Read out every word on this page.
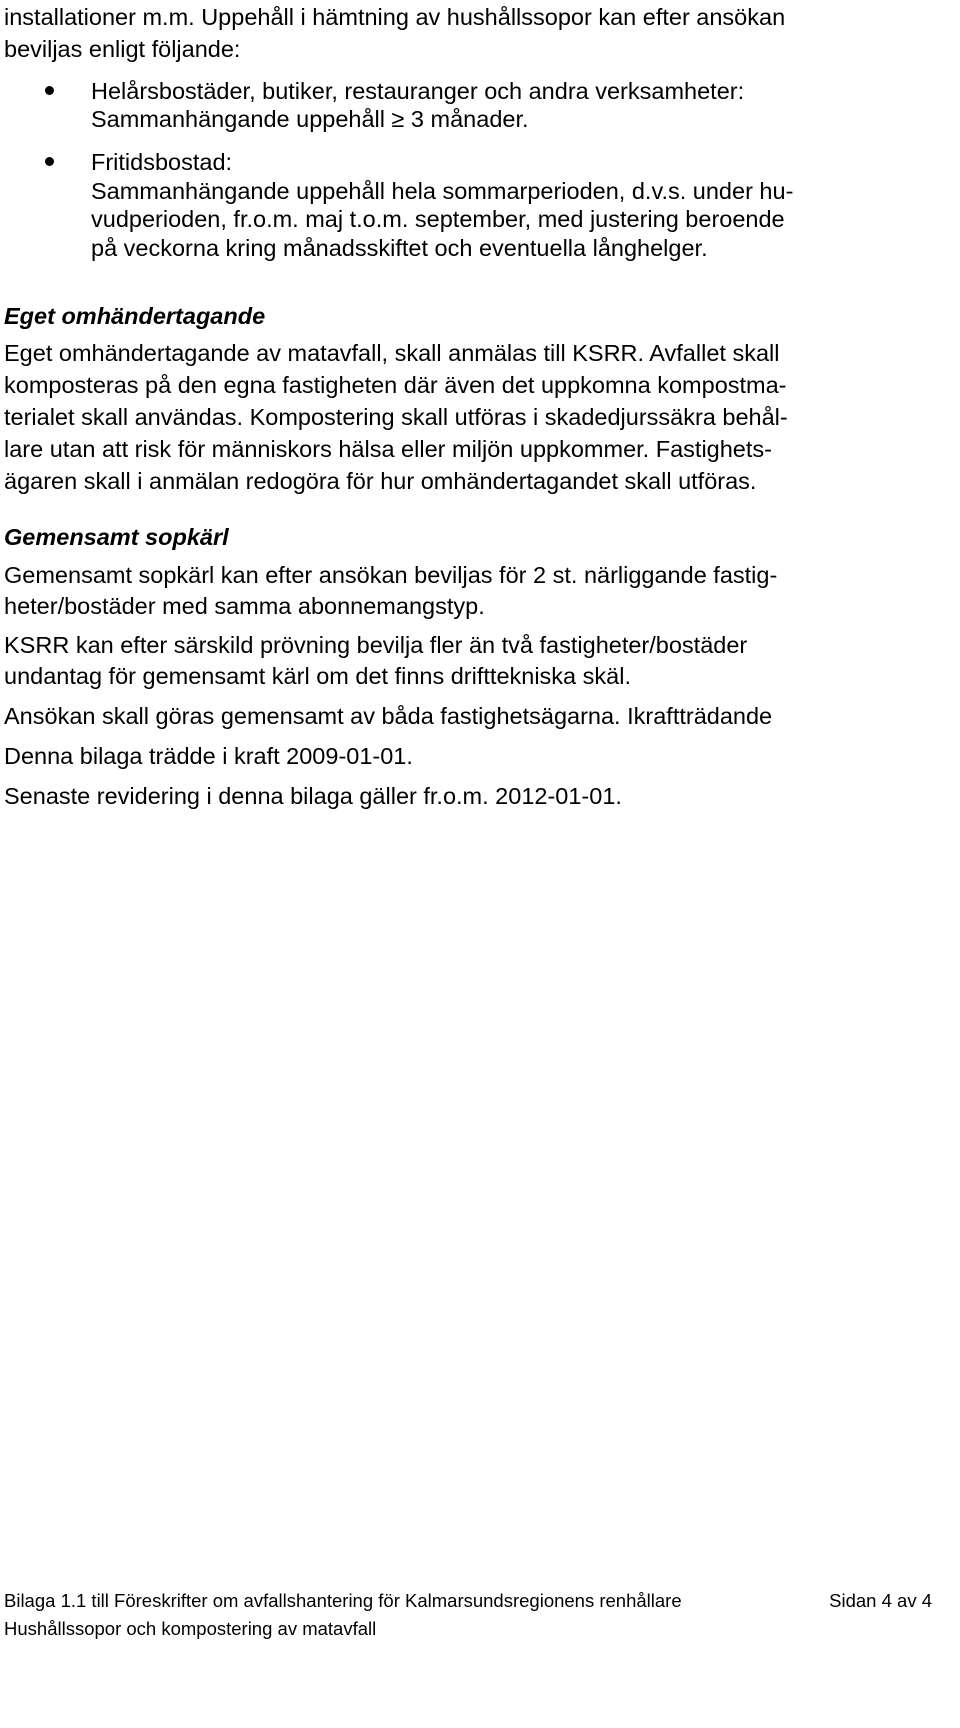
installationer m.m. Uppehåll i hämtning av hushållssopor kan efter ansökan
beviljas enligt följande:
Helårsbostäder, butiker, restauranger och andra verksamheter:
Sammanhängande uppehåll ≥ 3 månader.
Fritidsbostad:
Sammanhängande uppehåll hela sommarperioden, d.v.s. under hu-
vudperioden, fr.o.m. maj t.o.m. september, med justering beroende
på veckorna kring månadsskiftet och eventuella långhelger.
Eget omhändertagande
Eget omhändertagande av matavfall, skall anmälas till KSRR. Avfallet skall
komposteras på den egna fastigheten där även det uppkomna kompostma-
terialet skall användas. Kompostering skall utföras i skadedjurssäkra behål-
lare utan att risk för människors hälsa eller miljön uppkommer. Fastighets-
ägaren skall i anmälan redogöra för hur omhändertagandet skall utföras.
Gemensamt sopkärl
Gemensamt sopkärl kan efter ansökan beviljas för 2 st. närliggande fastig-
heter/bostäder med samma abonnemangstyp.
KSRR kan efter särskild prövning bevilja fler än två fastigheter/bostäder
undantag för gemensamt kärl om det finns drifttekniska skäl.
Ansökan skall göras gemensamt av båda fastighetsägarna. Ikraftträdande
Denna bilaga trädde i kraft 2009-01-01.
Senaste revidering i denna bilaga gäller fr.o.m. 2012-01-01.
Bilaga 1.1 till Föreskrifter om avfallshantering för Kalmarsundsregionens renhållare	Sidan 4 av 4
Hushållssopor och kompostering av matavfall
